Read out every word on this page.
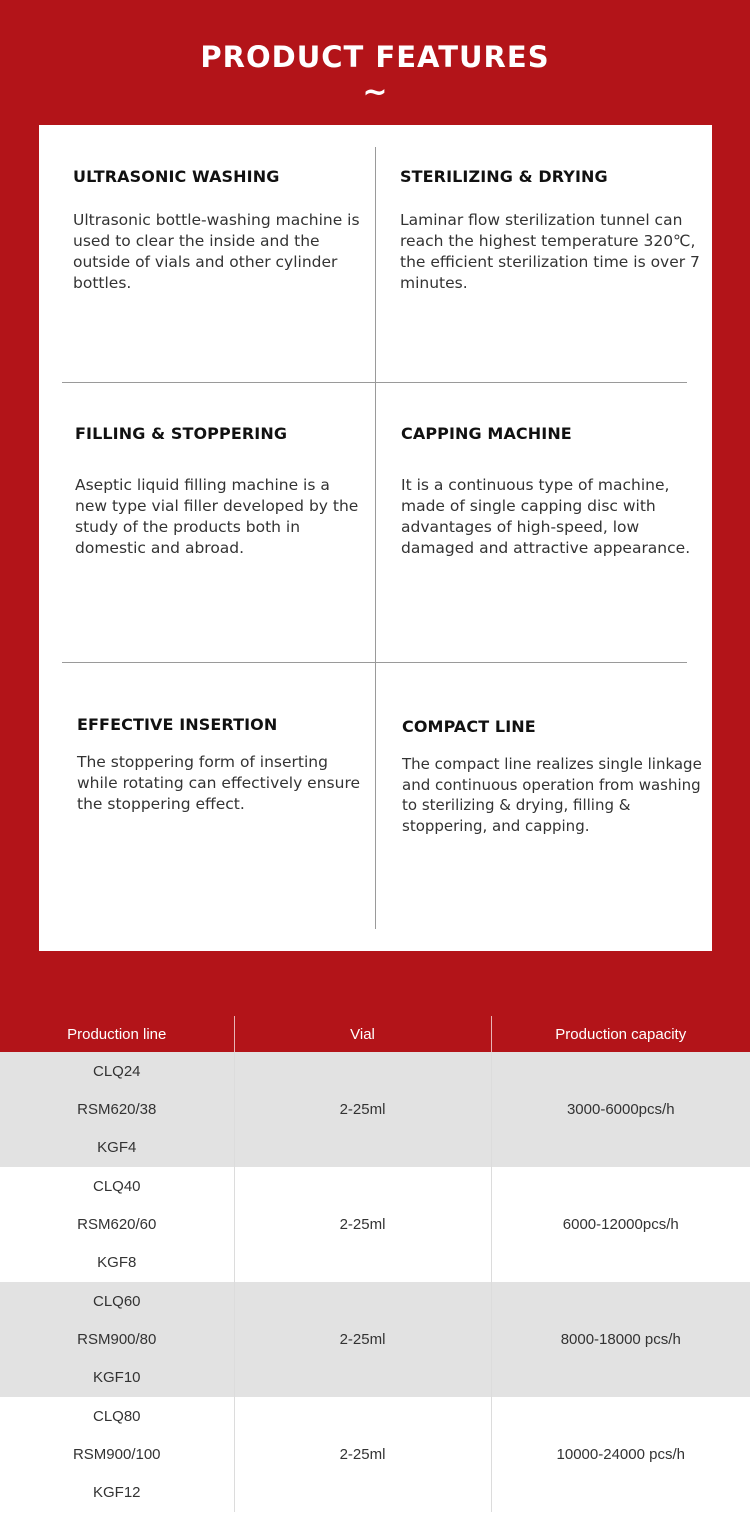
PRODUCT FEATURES
~
ULTRASONIC WASHING

Ultrasonic bottle-washing machine is used to clear the inside and the outside of vials and other cylinder bottles.

STERILIZING & DRYING

Laminar flow sterilization tunnel can reach the highest temperature 320℃, the efficient sterilization time is over 7 minutes.

FILLING & STOPPERING

Aseptic liquid filling machine is a new type vial filler developed by the study of the products both in domestic and abroad.

CAPPING MACHINE

It is a continuous type of machine, made of single capping disc with advantages of high-speed, low damaged and attractive appearance.

EFFECTIVE INSERTION

The stoppering form of inserting while rotating can effectively ensure the stoppering effect.

COMPACT LINE

The compact line realizes single linkage and continuous operation from washing to sterilizing & drying, filling & stoppering, and capping.

Production line	Vial	Production capacity

CLQ24
RSM620/38
KGF4	2-25ml	3000-6000pcs/h

CLQ40
RSM620/60
KGF8	2-25ml	6000-12000pcs/h

CLQ60
RSM900/80
KGF10	2-25ml	8000-18000 pcs/h

CLQ80
RSM900/100
KGF12	2-25ml	10000-24000 pcs/h
